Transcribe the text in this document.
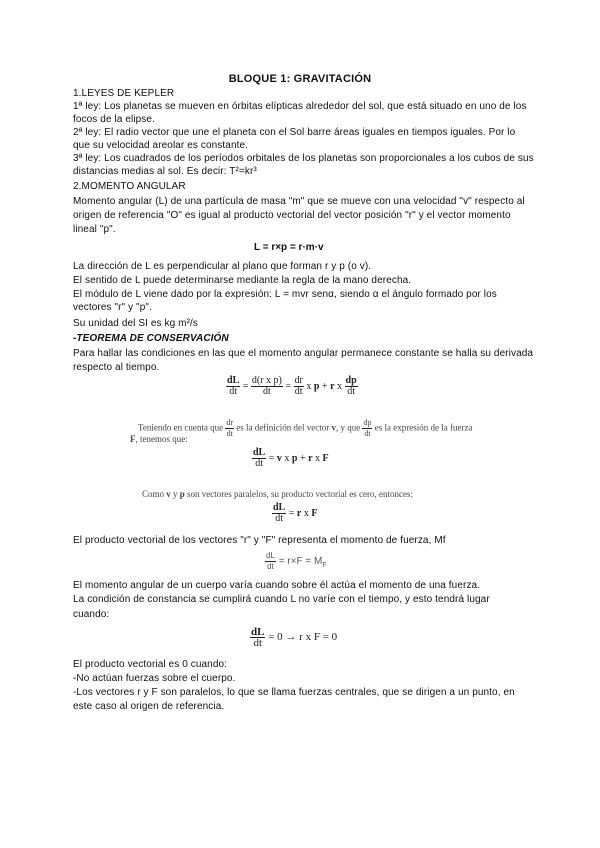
BLOQUE 1: GRAVITACIÓN
1.LEYES DE KEPLER
1ª ley: Los planetas se mueven en órbitas elípticas alrededor del sol, que está situado en uno de los
focos de la elipse.
2ª ley: El radio vector que une el planeta con el Sol barre áreas iguales en tiempos iguales. Por lo
que su velocidad areolar es constante.
3ª ley: Los cuadrados de los períodos orbitales de los planetas son proporcionales a los cubos de sus
distancias medias al sol. Es decir: T²=kr³
2.MOMENTO ANGULAR
Momento angular (L) de una partícula de masa "m" que se mueve con una velocidad "v" respecto al
origen de referencia "O" es igual al producto vectorial del vector posición "r" y el vector momento
lineal "p".
L = r×p = r·m·v
La dirección de L es perpendicular al plano que forman r y p (o v).
El sentido de L puede determinarse mediante la regla de la mano derecha.
El módulo de L viene dado por la expresión: L = mvr senα, siendo α el ángulo formado por los
vectores "r" y "p".
Su unidad del SI es kg m²/s
-TEOREMA DE CONSERVACIÓN
Para hallar las condiciones en las que el momento angular permanece constante se halla su derivada
respecto al tiempo.
$\frac{dL}{dt} = \frac{\text{d(r x p)}}{dt} = \frac{dr}{dt}$ x p + r x $\frac{dp}{dt}$
Teniendo en cuenta que $\frac{dr}{dt}$ es la definición del vector v, y que $\frac{dp}{dt}$ es la expresión de la fuerza
F, tenemos que:
$\frac{dL}{dt} = v$ x p + r x F
Como v y p son vectores paralelos, su producto vectorial es cero, entonces:
$\frac{dL}{dt} = r$ x F
El producto vectorial de los vectores "r" y "F" representa el momento de fuerza, Mf
$\frac{dL}{dt} = r\times F = M_F$
El momento angular de un cuerpo varía cuando sobre él actúa el momento de una fuerza.
La condición de constancia se cumplirá cuando L no varíe con el tiempo, y esto tendrá lugar
cuando:
$\frac{dL}{dt} = 0 \to r$ x F = 0
El producto vectorial es 0 cuando:
-No actúan fuerzas sobre el cuerpo.
-Los vectores r y F son paralelos, lo que se llama fuerzas centrales, que se dirigen a un punto, en
este caso al origen de referencia.
